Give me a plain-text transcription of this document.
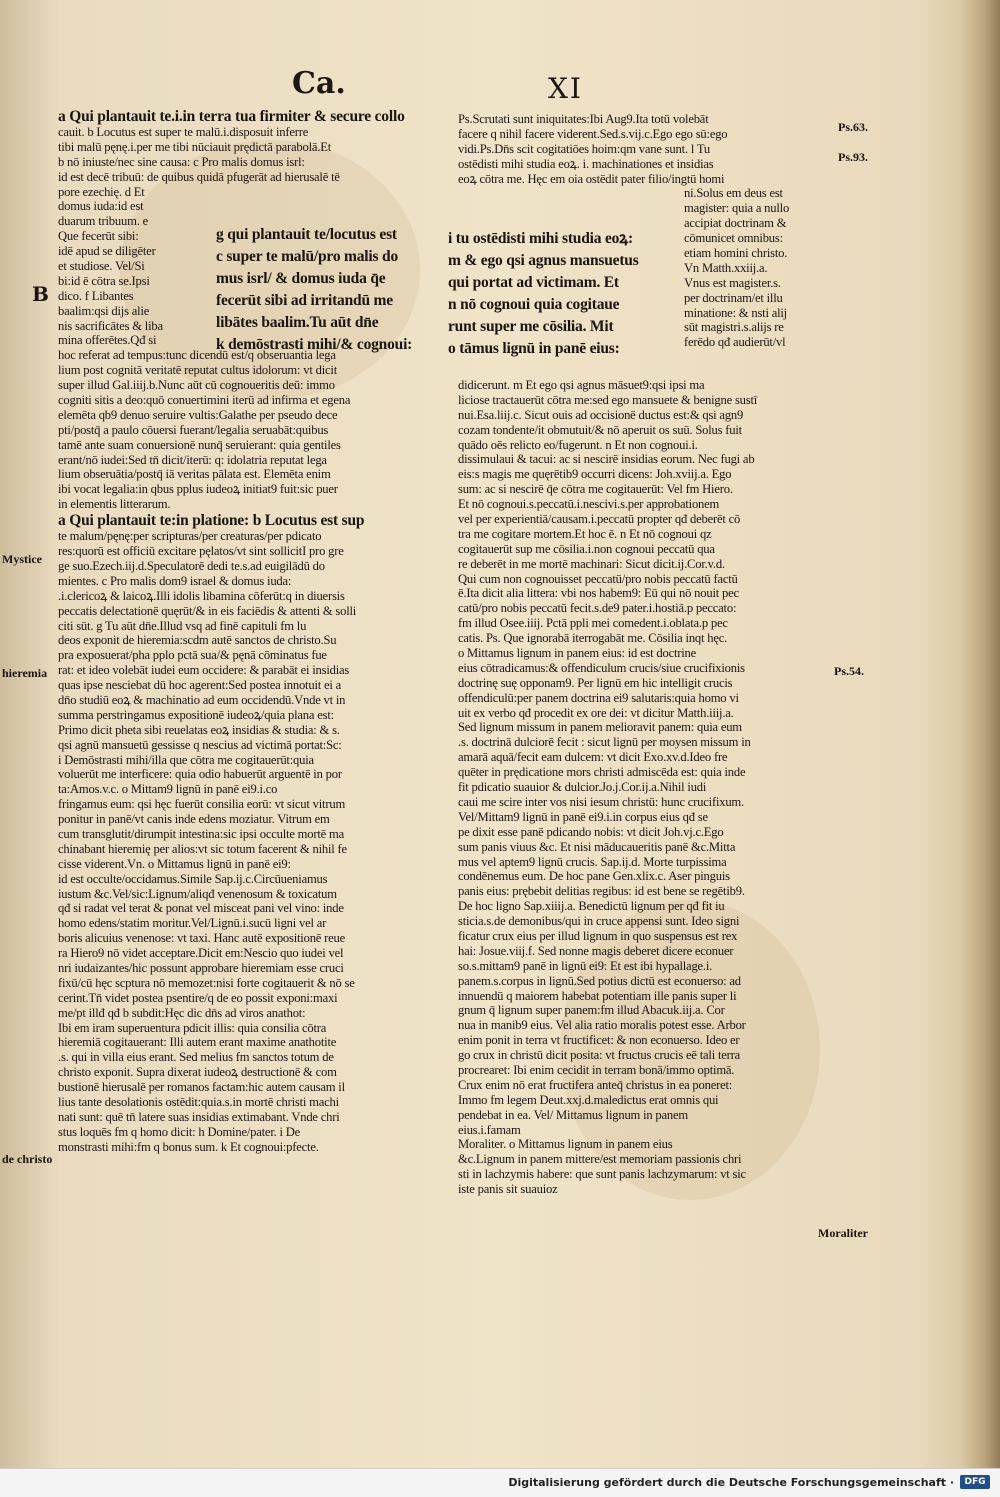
Ca.	XI
a Qui plantauit te.i.in terra tua firmiter & secure collo
cauit. b Locutus est super te malū.i.disposuit inferre
tibi malū pęnę.i.per me tibi nūciauit prędictā parabolā.Et
b nō iniuste/nec sine causa: c Pro malis domus isrl:
id est decē tribuū: de quibus quidā pfugerāt ad hierusalē tē
pore ezechię. d Et
domus iuda:id est
duarum tribuum. e
Que fecerūt sibi:
idē apud se diligēter
et studiose. Vel/Si
bi:id ē cōtra se.Ipsi
dico. f Libantes
baalim:qsi dijs alie
nis sacrificātes & liba
mina offerētes.Qđ si
hoc referat ad tempus:tunc dicendū est/q obseruantia lega
lium post cognitā veritatē reputat cultus idolorum: vt dicit
super illud Gal.iiij.b.Nunc aūt cū cognoueritis deū: immo
cogniti sitis a deo:quō conuertimini iterū ad infirma et egena
elemēta qb9 denuo seruire vultis:Galathe per pseudo dece
pti/postq̄ a paulo cōuersi fuerant/legalia seruabāt:quibus
tamē ante suam conuersionē nunq̄ seruierant: quia gentiles
erant/nō iudei:Sed tn̄ dicit/iterū: q: idolatria reputat lega
lium obseruātia/postq̄ iā veritas pālata est. Elemēta enim
ibi vocat legalia:in qbus pplus iudeoꝝ initiat9 fuit:sic puer
in elementis litterarum.
a Qui plantauit te:in platione: b Locutus est sup
te malum/pęnę:per scripturas/per creaturas/per pdicato
res:quorū est officiū excitare pęlatos/vt sint sollicitI pro gre
ge suo.Ezech.iij.d.Speculatorē dedi te.s.ad euigilādū do
mientes. c Pro malis dom9 israel & domus iuda:
.i.clericoꝝ & laicoꝝ.Illi idolis libamina cōferūt:q in diuersis
peccatis delectationē quęrūt/& in eis faciēdis & attenti & solli
citi sūt. g Tu aūt dn̄e.Illud vsq ad finē capituli fm lu
deos exponit de hieremia:scdm autē sanctos de christo.Su
pra exposuerat/pha pplo pctā sua/& pęnā cōminatus fue
rat: et ideo volebāt iudei eum occidere: & parabāt ei insidias
quas ipse nesciebat dū hoc agerent:Sed postea innotuit ei a
dn̄o studiū eoꝝ & machinatio ad eum occidendū.Vnde vt in
summa perstringamus expositionē iudeoꝝ/quia plana est:
Primo dicit pheta sibi reuelatas eoꝝ insidias & studia: & s.
qsi agnū mansuetū gessisse q nescius ad victimā portat:Sc:
i Demōstrasti mihi/illa que cōtra me cogitauerūt:quia
voluerūt me interficere: quia odio habuerūt arguentē in por
ta:Amos.v.c. o Mittam9 lignū in panē ei9.i.co
fringamus eum: qsi hęc fuerūt consilia eorū: vt sicut vitrum
ponitur in panē/vt canis inde edens moziatur. Vitrum em
cum transglutit/dirumpit intestina:sic ipsi occulte mortē ma
chinabant hieremię per alios:vt sic totum facerent & nihil fe
cisse viderent.Vn. o Mittamus lignū in panē ei9:
id est occulte/occidamus.Simile Sap.ij.c.Circūueniamus
iustum &c.Vel/sic:Lignum/aliqđ venenosum & toxicatum
qđ si radat vel terat & ponat vel misceat pani vel vino: inde
homo edens/statim moritur.Vel/Lignū.i.sucū ligni vel ar
boris alicuius venenose: vt taxi. Hanc autē expositionē reue
ra Hiero9 nō videt acceptare.Dicit em:Nescio quo iudei vel
nri iudaizantes/hic possunt approbare hieremiam esse cruci
fixū/cū hęc scptura nō memozet:nisi forte cogitauerit & nō se
cerint.Tn̄ videt postea psentire/q de eo possit exponi:maxi
me/pt illđ qđ b subdit:Hęc dic dn̄s ad viros anathot:
Ibi em iram superuentura pdicit illis: quia consilia cōtra
hieremiā cogitauerant: Illi autem erant maxime anathotite
.s. qui in villa eius erant. Sed melius fm sanctos totum de
christo exponit. Supra dixerat iudeoꝝ destructionē & com
bustionē hierusalē per romanos factam:hic autem causam il
lius tante desolationis ostēdit:quia.s.in mortē christi machi
nati sunt: quē tn̄ latere suas insidias extimabant. Vnde chri
stus loquēs fm q homo dicit: h Domine/pater. i De
monstrasti mihi:fm q bonus sum. k Et cognoui:pfecte.
g qui plantauit te/locutus est
c super te malū/pro malis do
mus isrl/ & domus iuda q̄e
fecerūt sibi ad irritandū me
libātes baalim.Tu aūt dn̄e
k demōstrasti mihi/& cognoui:
i tu ostēdisti mihi studia eoꝝ:
m & ego qsi agnus mansuetus
qui portat ad victimam. Et
n nō cognoui quia cogitaue
runt super me cōsilia. Mit
o tāmus lignū in panē eius:
Ps.Scrutati sunt iniquitates:Ibi Aug9.Ita totū volebāt
facere q nihil facere viderent.Sed.s.vij.c.Ego ego sū:ego
vidi.Ps.Dn̄s scit cogitatiōes hoim:qm vane sunt. l Tu
ostēdisti mihi studia eoꝝ. i. machinationes et insidias
eoꝝ cōtra me. Hęc em oia ostēdit pater filio/ingtū homi
ni.Solus em deus est
magister: quia a nullo
accipiat doctrinam &
cōmunicet omnibus:
etiam homini christo.
Vn Matth.xxiij.a.
Vnus est magister.s.
per doctrinam/et illu
minatione: & nsti alij
sūt magistri.s.aliјs re
ferēdo qđ audierūt/vl
didicerunt. m Et ego qsi agnus māsuet9:qsi ipsi ma
liciose tractauerūt cōtra me:sed ego mansuete & benigne sustī
nui.Esa.liij.c. Sicut ouis ad occisionē ductus est:& qsi agn9
cozam tondente/it obmutuit/& nō aperuit os suū. Solus fuit
quādo oēs relicto eo/fugerunt. n Et non cognoui.i.
dissimulaui & tacui: ac si nescirē insidias eorum. Nec fugi ab
eis:s magis me quęrētib9 occurri dicens: Joh.xviij.a. Ego
sum: ac si nescirē q̄e cōtra me cogitauerūt: Vel fm Hiero.
Et nō cognoui.s.peccatū.i.nescivi.s.per approbationem
vel per experientiā/causam.i.peccatū propter qđ deberēt cō
tra me cogitare mortem.Et hoc ē. n Et nō cognoui qz
cogitauerūt sup me cōsilia.i.non cognoui peccatū qua
re deberēt in me mortē machinari: Sicut dicit.ij.Cor.v.d.
Qui cum non cognouisset peccatū/pro nobis peccatū factū
ē.Ita dicit alia littera: vbi nos habem9: Eū qui nō nouit pec
catū/pro nobis peccatū fecit.s.de9 pater.i.hostiā.p peccato:
fm illud Osee.iiij. Pctā ppli mei comedent.i.oblata.p pec
catis. Ps. Que ignorabā iterrogabāt me. Cōsilia inqt hęc.
o Mittamus lignum in panem eius: id est doctrine
eius cōtradicamus:& offendiculum crucis/siue crucifixionis
doctrinę suę opponam9. Per lignū em hic intelligit crucis
offendiculū:per panem doctrina ei9 salutaris:quia homo vi
uit ex verbo qđ procedit ex ore dei: vt dicitur Matth.iiij.a.
Sed lignum missum in panem melioravit panem: quia eum
.s. doctrinā dulciorē fecit : sicut lignū per moysen missum in
amarā aquā/fecit eam dulcem: vt dicit Exo.xv.d.Ideo fre
quēter in prędicatione mors christi admiscēda est: quia inde
fit pdicatio suauior & dulcior.Jo.j.Cor.ij.a.Nihil iudi
caui me scire inter vos nisi iesum christū: hunc crucifixum.
Vel/Mittam9 lignū in panē ei9.i.in corpus eius qđ se
pe dixit esse panē pdicando nobis: vt dicit Joh.vj.c.Ego
sum panis viuus &c. Et nisi māducaueritis panē &c.Mitta
mus vel aptem9 lignū crucis. Sap.ij.d. Morte turpissima
condēnemus eum. De hoc pane Gen.xlix.c. Aser pinguis
panis eius: prębebit delitias regibus: id est bene se regētib9.
De hoc ligno Sap.xiiij.a. Benedictū lignum per qđ fit iu
sticia.s.de demonibus/qui in cruce appensi sunt. Ideo signi
ficatur crux eius per illud lignum in quo suspensus est rex
hai: Josue.viij.f. Sed nonne magis deberet dicere econuer
so.s.mittam9 panē in lignū ei9: Et est ibi hypallage.i.
panem.s.corpus in lignū.Sed potius dictū est econuerso: ad
innuendū q maiorem habebat potentiam ille panis super li
gnum q̄ lignum super panem:fm illud Abacuk.iij.a. Cor
nua in manib9 eius. Vel alia ratio moralis potest esse. Arbor
enim ponit in terra vt fructificet: & non econuerso. Ideo er
go crux in christū dicit posita: vt fructus crucis eē tali terra
procrearet: Ibi enim cecidit in terram bonā/immo optimā.
Crux enim nō erat fructifera anteq̄ christus in ea poneret:
Immo fm legem Deut.xxj.d.maledictus erat omnis qui
pendebat in ea. Vel/ Mittamus lignum in panem
eius.i.famam
Moraliter. o Mittamus lignum in panem eius
&c.Lignum in panem mittere/est memoriam passionis chri
sti in lachzymis habere: que sunt panis lachzymarum: vt sic
iste panis sit suauioz
Ps.63.
Ps.93.
Ps.54.
Mystice
hieremia
de christo
Moraliter
B
Digitalisierung gefördert durch die Deutsche Forschungsgemeinschaft ·	DFG
